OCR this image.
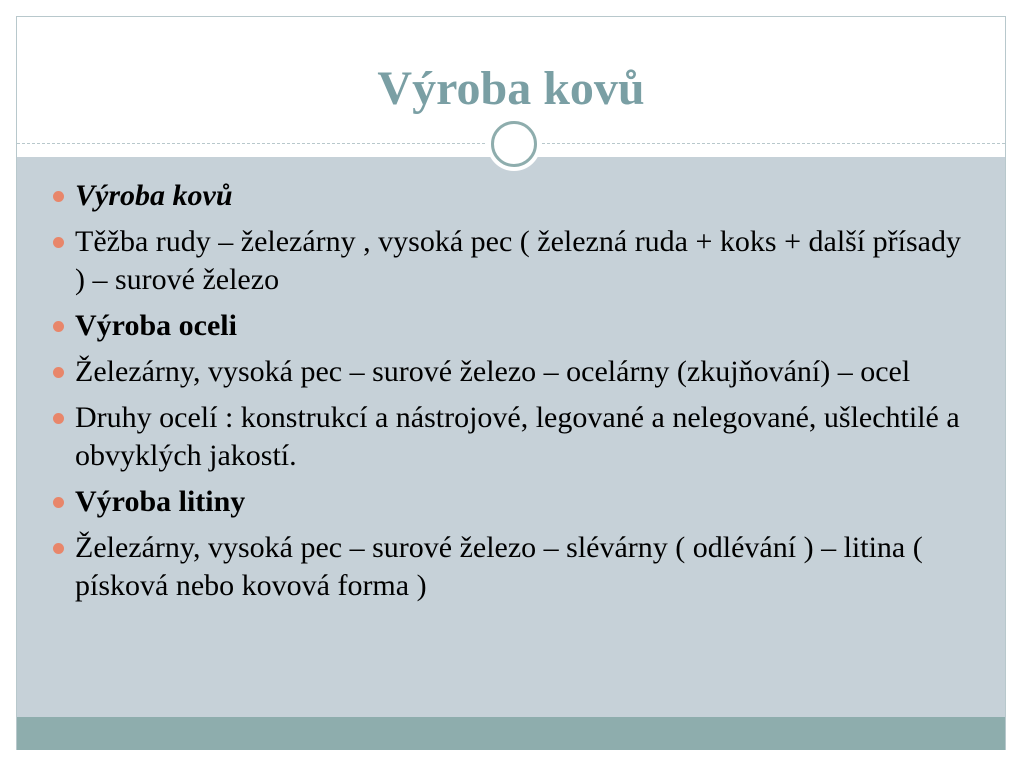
Výroba kovů
Výroba kovů
Těžba rudy – železárny , vysoká pec ( železná ruda + koks + další přísady ) – surové železo
Výroba oceli
Železárny, vysoká pec – surové železo – ocelárny (zkujňování) – ocel
Druhy ocelí : konstrukcí a nástrojové, legované a nelegované, ušlechtilé a obvyklých jakostí.
Výroba litiny
Železárny, vysoká pec – surové železo – slévárny ( odlévání ) – litina ( písková nebo kovová forma )
